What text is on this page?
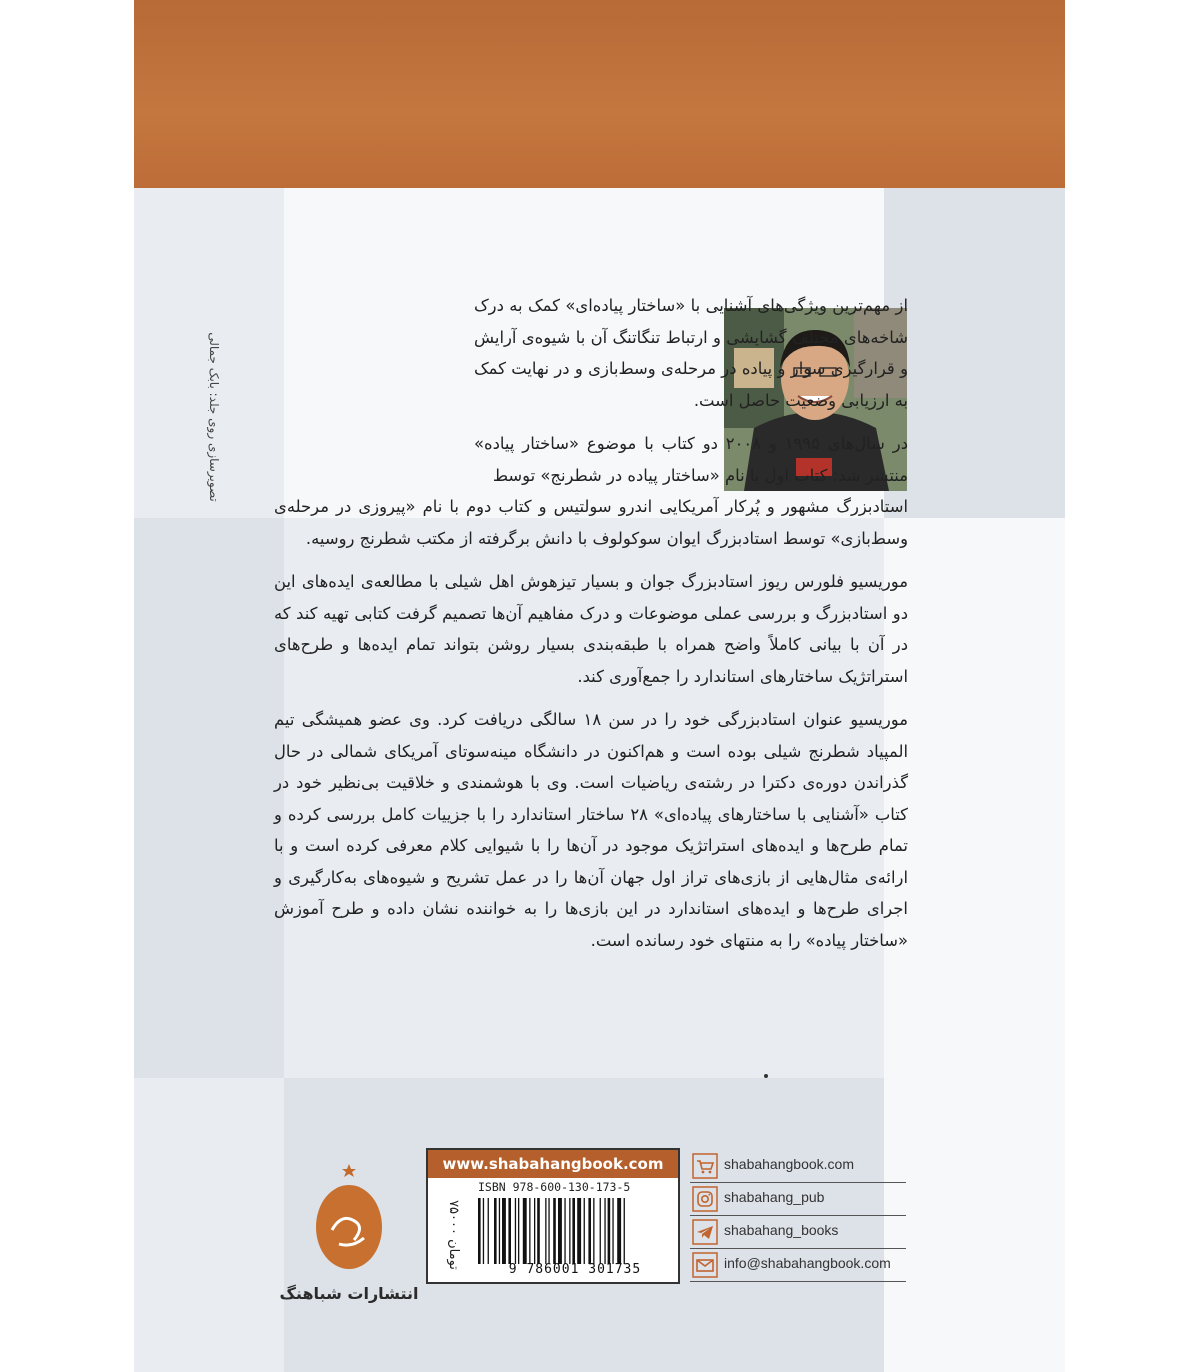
تصویرسازی روی جلد: بابک جمالی

از مهم‌ترین ویژگی‌های آشنایی با «ساختار پیاده‌ای» کمک به درک شاخه‌های مختلف گشایشی و ارتباط تنگاتنگ آن با شیوه‌ی آرایش و قرارگیری سوار و پیاده در مرحله‌ی وسط‌بازی و در نهایت کمک به ارزیابی وضعیت حاصل است.

در سال‌های ۱۹۹۵ و ۲۰۰۸ دو کتاب با موضوع «ساختار پیاده» منتشر شد: کتاب اول با نام «ساختار پیاده در شطرنج» توسط
استادبزرگ مشهور و پُرکار آمریکایی اندرو سولتیس و کتاب دوم با نام «پیروزی در مرحله‌ی وسط‌بازی» توسط استادبزرگ ایوان سوکولوف با دانش برگرفته از مکتب شطرنج روسیه.

موریسیو فلورس ریوز استادبزرگ جوان و بسیار تیزهوش اهل شیلی با مطالعه‌ی ایده‌های این دو استادبزرگ و بررسی عملی موضوعات و درک مفاهیم آن‌ها تصمیم گرفت کتابی تهیه کند که در آن با بیانی کاملاً واضح همراه با طبقه‌بندی بسیار روشن بتواند تمام ایده‌ها و طرح‌های استراتژیک ساختارهای استاندارد را جمع‌آوری کند.

موریسیو عنوان استادبزرگی خود را در سن ۱۸ سالگی دریافت کرد. وی عضو همیشگی تیم المپیاد شطرنج شیلی بوده است و هم‌اکنون در دانشگاه مینه‌سوتای آمریکای شمالی در حال گذراندن دوره‌ی دکترا در رشته‌ی ریاضیات است. وی با هوشمندی و خلاقیت بی‌نظیر خود در کتاب «آشنایی با ساختارهای پیاده‌ای» ۲۸ ساختار استاندارد را با جزییات کامل بررسی کرده و تمام طرح‌ها و ایده‌های استراتژیک موجود در آن‌ها را با شیوایی کلام معرفی کرده است و با ارائه‌ی مثال‌هایی از بازی‌های تراز اول جهان آن‌ها را در عمل تشریح و شیوه‌های به‌کارگیری و اجرای طرح‌ها و ایده‌های استاندارد در این بازی‌ها را به خواننده نشان داده و طرح آموزش «ساختار پیاده» را به منتهای خود رسانده است.

انتشارات شباهنگ
www.shabahangbook.com
۷۵۰۰۰ تومان
ISBN 978-600-130-173-5
9 786001 301735
shabahangbook.com
shabahang_pub
shabahang_books
info@shabahangbook.com
